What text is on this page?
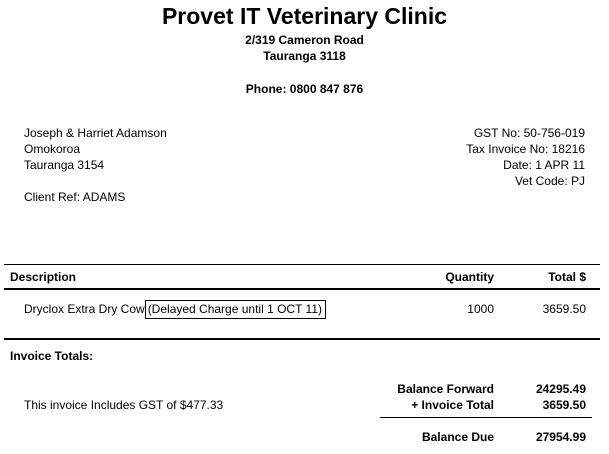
Provet IT Veterinary Clinic
2/319 Cameron Road
Tauranga 3118
Phone: 0800 847 876
Joseph & Harriet Adamson
Omokoroa
Tauranga 3154
Client Ref: ADAMS
GST No: 50-756-019
Tax Invoice No: 18216
Date: 1 APR 11
Vet Code: PJ
Description	Quantity	Total $
Dryclox Extra Dry Cow (Delayed Charge until 1 OCT 11)	1000	3659.50
Invoice Totals:
Balance Forward	24295.49
This invoice Includes GST of $477.33	+ Invoice Total	3659.50
Balance Due	27954.99
